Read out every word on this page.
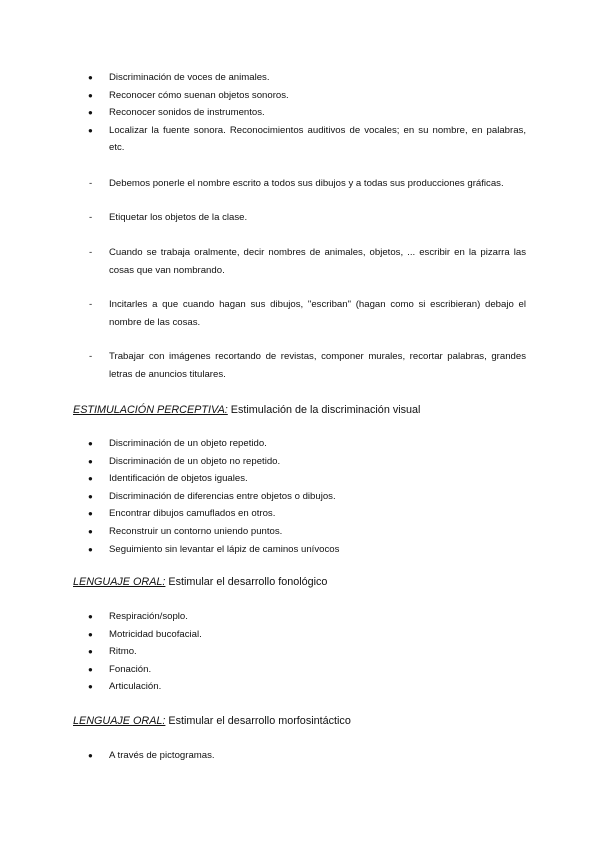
● Discriminación de voces de animales.
● Reconocer cómo suenan objetos sonoros.
● Reconocer sonidos de instrumentos.
● Localizar la fuente sonora. Reconocimientos auditivos de vocales; en su nombre, en palabras, etc.
- Debemos ponerle el nombre escrito a todos sus dibujos y a todas sus producciones gráficas.
- Etiquetar los objetos de la clase.
- Cuando se trabaja oralmente, decir nombres de animales, objetos, ... escribir en la pizarra las cosas que van nombrando.
- Incitarles a que cuando hagan sus dibujos, "escriban" (hagan como si escribieran) debajo el nombre de las cosas.
- Trabajar con imágenes recortando de revistas, componer murales, recortar palabras, grandes letras de anuncios titulares.
ESTIMULACIÓN PERCEPTIVA: Estimulación de la discriminación visual
● Discriminación de un objeto repetido.
● Discriminación de un objeto no repetido.
● Identificación de objetos iguales.
● Discriminación de diferencias entre objetos o dibujos.
● Encontrar dibujos camuflados en otros.
● Reconstruir un contorno uniendo puntos.
● Seguimiento sin levantar el lápiz de caminos unívocos
LENGUAJE ORAL: Estimular el desarrollo fonológico
● Respiración/soplo.
● Motricidad bucofacial.
● Ritmo.
● Fonación.
● Articulación.
LENGUAJE ORAL: Estimular el desarrollo morfosintáctico
● A través de pictogramas.
